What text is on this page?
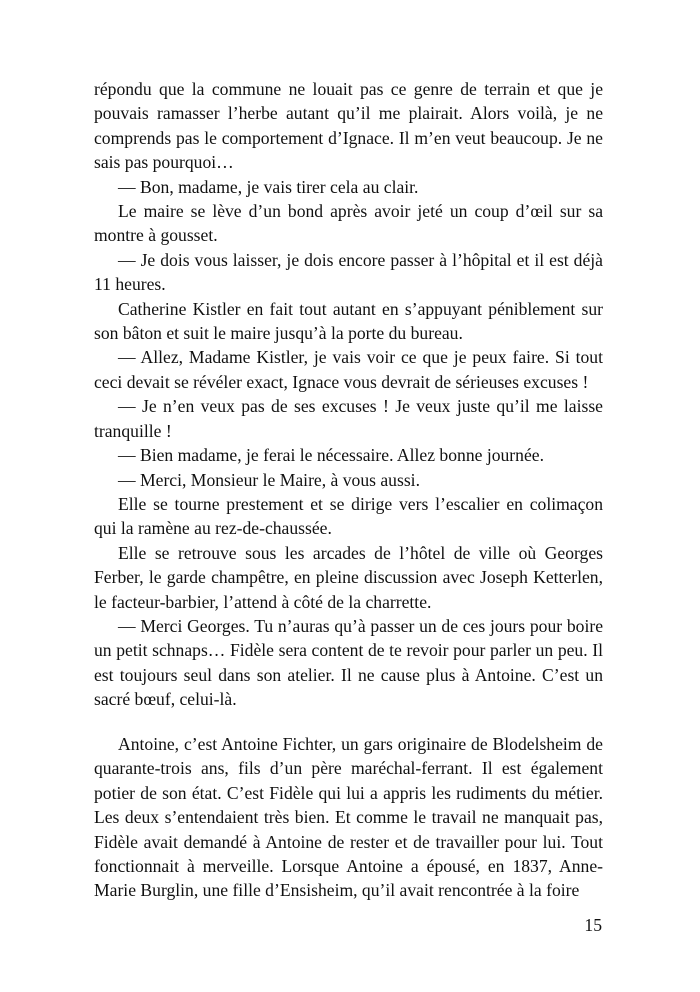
répondu que la commune ne louait pas ce genre de terrain et que je pouvais ramasser l’herbe autant qu’il me plairait. Alors voilà, je ne comprends pas le comportement d’Ignace. Il m’en veut beaucoup. Je ne sais pas pourquoi…

— Bon, madame, je vais tirer cela au clair.

Le maire se lève d’un bond après avoir jeté un coup d’œil sur sa montre à gousset.

— Je dois vous laisser, je dois encore passer à l’hôpital et il est déjà 11 heures.

Catherine Kistler en fait tout autant en s’appuyant péniblement sur son bâton et suit le maire jusqu’à la porte du bureau.

— Allez, Madame Kistler, je vais voir ce que je peux faire. Si tout ceci devait se révéler exact, Ignace vous devrait de sérieuses excuses !

— Je n’en veux pas de ses excuses ! Je veux juste qu’il me laisse tranquille !

— Bien madame, je ferai le nécessaire. Allez bonne journée.

— Merci, Monsieur le Maire, à vous aussi.

Elle se tourne prestement et se dirige vers l’escalier en colimaçon qui la ramène au rez-de-chaussée.

Elle se retrouve sous les arcades de l’hôtel de ville où Georges Ferber, le garde champêtre, en pleine discussion avec Joseph Ketterlen, le facteur-barbier, l’attend à côté de la charrette.

— Merci Georges. Tu n’auras qu’à passer un de ces jours pour boire un petit schnaps… Fidèle sera content de te revoir pour parler un peu. Il est toujours seul dans son atelier. Il ne cause plus à Antoine. C’est un sacré bœuf, celui-là.

Antoine, c’est Antoine Fichter, un gars originaire de Blodelsheim de quarante-trois ans, fils d’un père maréchal-ferrant. Il est également potier de son état. C’est Fidèle qui lui a appris les rudiments du métier. Les deux s’entendaient très bien. Et comme le travail ne manquait pas, Fidèle avait demandé à Antoine de rester et de travailler pour lui. Tout fonctionnait à merveille. Lorsque Antoine a épousé, en 1837, Anne-Marie Burglin, une fille d’Ensisheim, qu’il avait rencontrée à la foire

15
